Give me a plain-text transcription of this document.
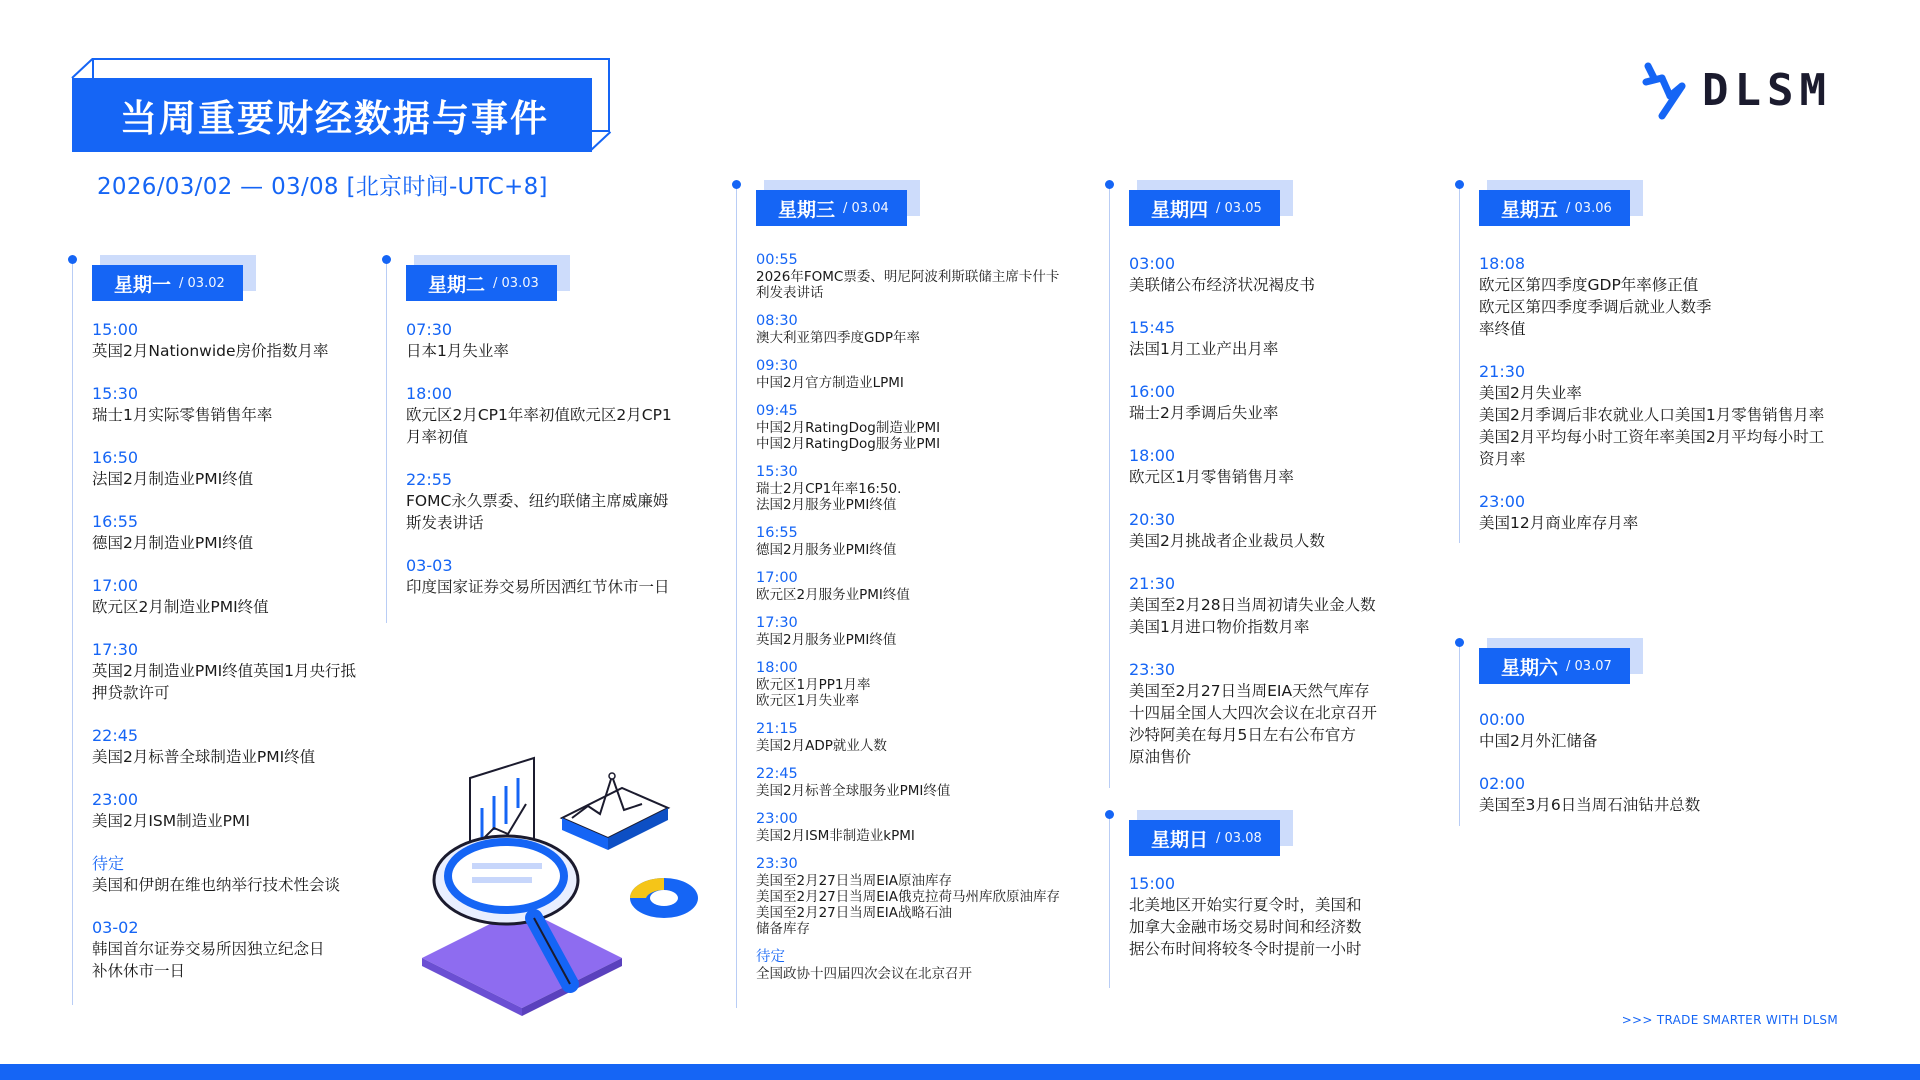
当周重要财经数据与事件
2026/03/02 — 03/08 [北京时间-UTC+8]
DLSM
星期一 / 03.02
15:00
英国2月Nationwide房价指数月率
15:30
瑞士1月实际零售销售年率
16:50
法国2月制造业PMI终值
16:55
德国2月制造业PMI终值
17:00
欧元区2月制造业PMI终值
17:30
英国2月制造业PMI终值英国1月央行抵
押贷款许可
22:45
美国2月标普全球制造业PMI终值
23:00
美国2月ISM制造业PMI
待定
美国和伊朗在维也纳举行技术性会谈
03-02
韩国首尔证券交易所因独立纪念日
补休休市一日
星期二 / 03.03
07:30
日本1月失业率
18:00
欧元区2月CP1年率初值欧元区2月CP1
月率初值
22:55
FOMC永久票委、纽约联储主席威廉姆
斯发表讲话
03-03
印度国家证券交易所因洒红节休市一日
星期三 / 03.04
00:55
2026年FOMC票委、明尼阿波利斯联储主席卡什卡
利发表讲话
08:30
澳大利亚第四季度GDP年率
09:30
中国2月官方制造业LPMI
09:45
中国2月RatingDog制造业PMI
中国2月RatingDog服务业PMI
15:30
瑞士2月CP1年率16:50.
法国2月服务业PMI终值
16:55
德国2月服务业PMI终值
17:00
欧元区2月服务业PMI终值
17:30
英国2月服务业PMI终值
18:00
欧元区1月PP1月率
欧元区1月失业率
21:15
美国2月ADP就业人数
22:45
美国2月标普全球服务业PMI终值
23:00
美国2月ISM非制造业kPMI
23:30
美国至2月27日当周EIA原油库存
美国至2月27日当周EIA俄克拉荷马州库欣原油库存
美国至2月27日当周EIA战略石油
储备库存
待定
全国政协十四届四次会议在北京召开
星期四 / 03.05
03:00
美联储公布经济状况褐皮书
15:45
法国1月工业产出月率
16:00
瑞士2月季调后失业率
18:00
欧元区1月零售销售月率
20:30
美国2月挑战者企业裁员人数
21:30
美国至2月28日当周初请失业金人数
美国1月进口物价指数月率
23:30
美国至2月27日当周EIA天然气库存
十四届全国人大四次会议在北京召开
沙特阿美在每月5日左右公布官方
原油售价
星期日 / 03.08
15:00
北美地区开始实行夏令时，美国和
加拿大金融市场交易时间和经济数
据公布时间将较冬令时提前一小时
星期五 / 03.06
18:08
欧元区第四季度GDP年率修正值
欧元区第四季度季调后就业人数季
率终值
21:30
美国2月失业率
美国2月季调后非农就业人口美国1月零售销售月率
美国2月平均每小时工资年率美国2月平均每小时工
资月率
23:00
美国12月商业库存月率
星期六 / 03.07
00:00
中国2月外汇储备
02:00
美国至3月6日当周石油钻井总数
>>> TRADE SMARTER WITH DLSM
